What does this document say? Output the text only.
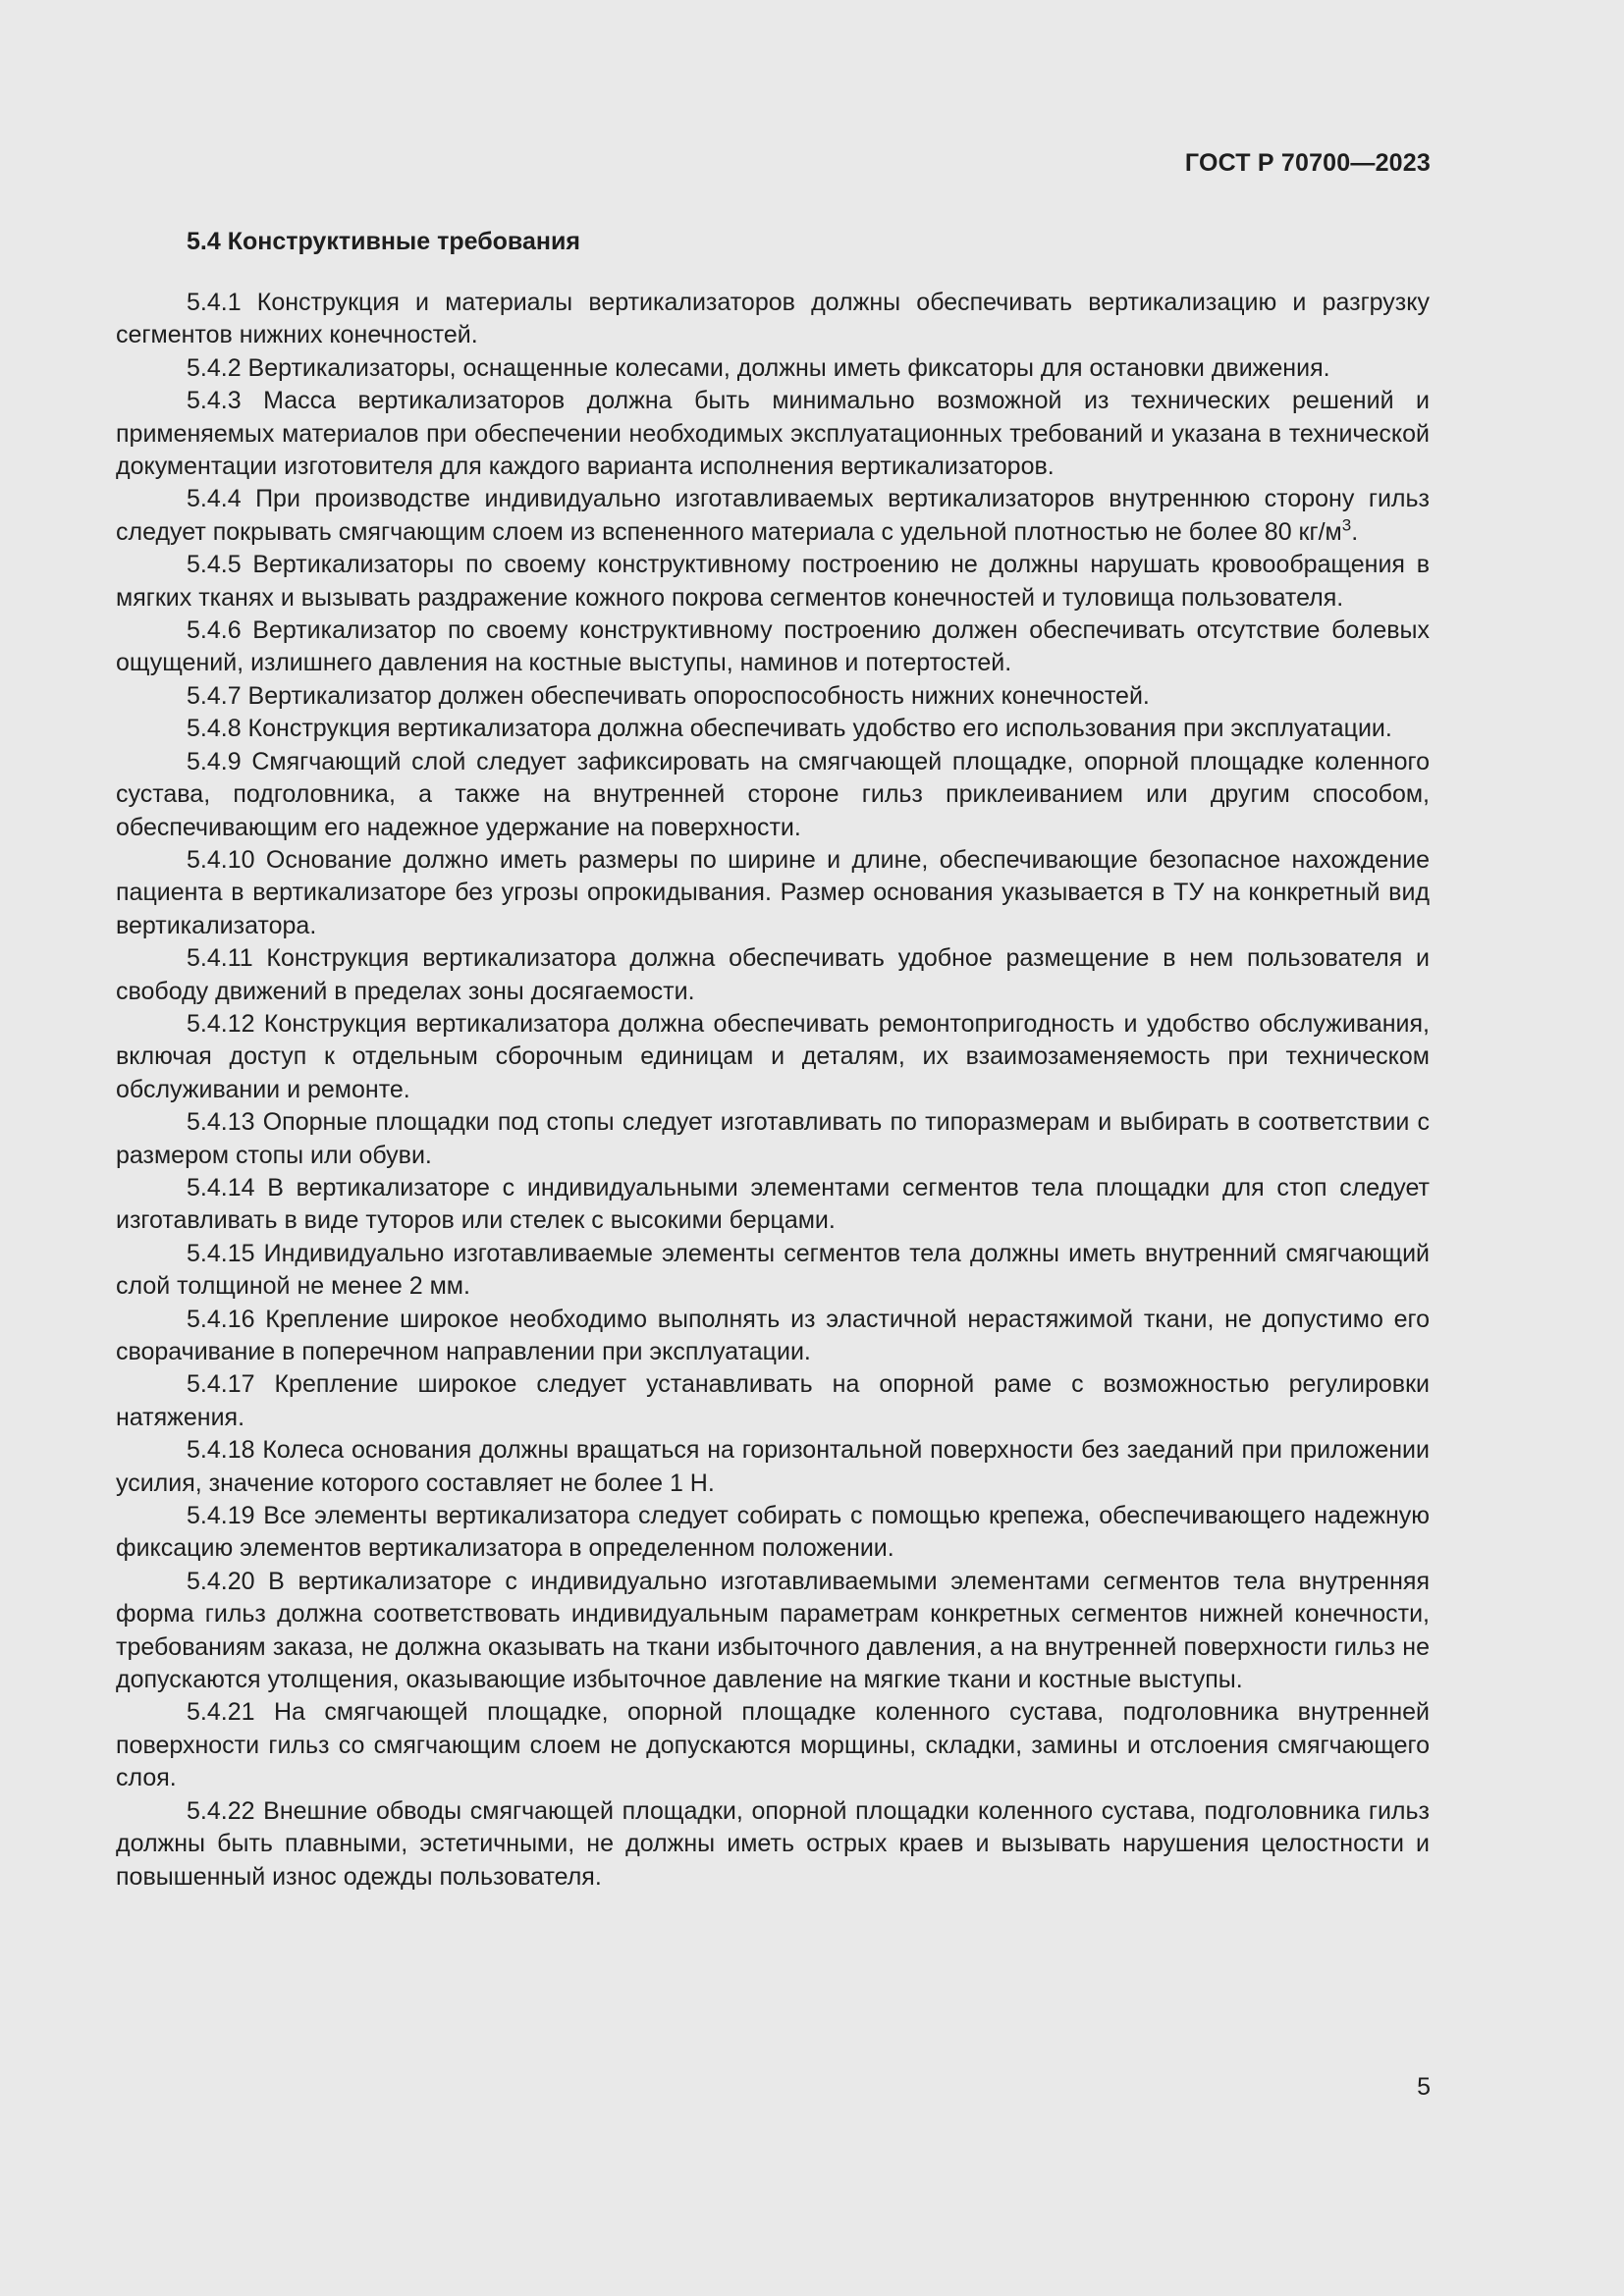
ГОСТ Р 70700—2023
5.4 Конструктивные требования

5.4.1 Конструкция и материалы вертикализаторов должны обеспечивать вертикализацию и разгрузку сегментов нижних конечностей.

5.4.2 Вертикализаторы, оснащенные колесами, должны иметь фиксаторы для остановки движения.

5.4.3 Масса вертикализаторов должна быть минимально возможной из технических решений и применяемых материалов при обеспечении необходимых эксплуатационных требований и указана в технической документации изготовителя для каждого варианта исполнения вертикализаторов.

5.4.4 При производстве индивидуально изготавливаемых вертикализаторов внутреннюю сторону гильз следует покрывать смягчающим слоем из вспененного материала с удельной плотностью не более 80 $кг/м^3$.

5.4.5 Вертикализаторы по своему конструктивному построению не должны нарушать кровообращения в мягких тканях и вызывать раздражение кожного покрова сегментов конечностей и туловища пользователя.

5.4.6 Вертикализатор по своему конструктивному построению должен обеспечивать отсутствие болевых ощущений, излишнего давления на костные выступы, наминов и потертостей.

5.4.7 Вертикализатор должен обеспечивать опороспособность нижних конечностей.

5.4.8 Конструкция вертикализатора должна обеспечивать удобство его использования при эксплуатации.

5.4.9 Смягчающий слой следует зафиксировать на смягчающей площадке, опорной площадке коленного сустава, подголовника, а также на внутренней стороне гильз приклеиванием или другим способом, обеспечивающим его надежное удержание на поверхности.

5.4.10 Основание должно иметь размеры по ширине и длине, обеспечивающие безопасное нахождение пациента в вертикализаторе без угрозы опрокидывания. Размер основания указывается в ТУ на конкретный вид вертикализатора.

5.4.11 Конструкция вертикализатора должна обеспечивать удобное размещение в нем пользователя и свободу движений в пределах зоны досягаемости.

5.4.12 Конструкция вертикализатора должна обеспечивать ремонтопригодность и удобство обслуживания, включая доступ к отдельным сборочным единицам и деталям, их взаимозаменяемость при техническом обслуживании и ремонте.

5.4.13 Опорные площадки под стопы следует изготавливать по типоразмерам и выбирать в соответствии с размером стопы или обуви.

5.4.14 В вертикализаторе с индивидуальными элементами сегментов тела площадки для стоп следует изготавливать в виде туторов или стелек с высокими берцами.

5.4.15 Индивидуально изготавливаемые элементы сегментов тела должны иметь внутренний смягчающий слой толщиной не менее 2 мм.

5.4.16 Крепление широкое необходимо выполнять из эластичной нерастяжимой ткани, не допустимо его сворачивание в поперечном направлении при эксплуатации.

5.4.17 Крепление широкое следует устанавливать на опорной раме с возможностью регулировки натяжения.

5.4.18 Колеса основания должны вращаться на горизонтальной поверхности без заеданий при приложении усилия, значение которого составляет не более 1 Н.

5.4.19 Все элементы вертикализатора следует собирать с помощью крепежа, обеспечивающего надежную фиксацию элементов вертикализатора в определенном положении.

5.4.20 В вертикализаторе с индивидуально изготавливаемыми элементами сегментов тела внутренняя форма гильз должна соответствовать индивидуальным параметрам конкретных сегментов нижней конечности, требованиям заказа, не должна оказывать на ткани избыточного давления, а на внутренней поверхности гильз не допускаются утолщения, оказывающие избыточное давление на мягкие ткани и костные выступы.

5.4.21 На смягчающей площадке, опорной площадке коленного сустава, подголовника внутренней поверхности гильз со смягчающим слоем не допускаются морщины, складки, замины и отслоения смягчающего слоя.

5.4.22 Внешние обводы смягчающей площадки, опорной площадки коленного сустава, подголовника гильз должны быть плавными, эстетичными, не должны иметь острых краев и вызывать нарушения целостности и повышенный износ одежды пользователя.

5
